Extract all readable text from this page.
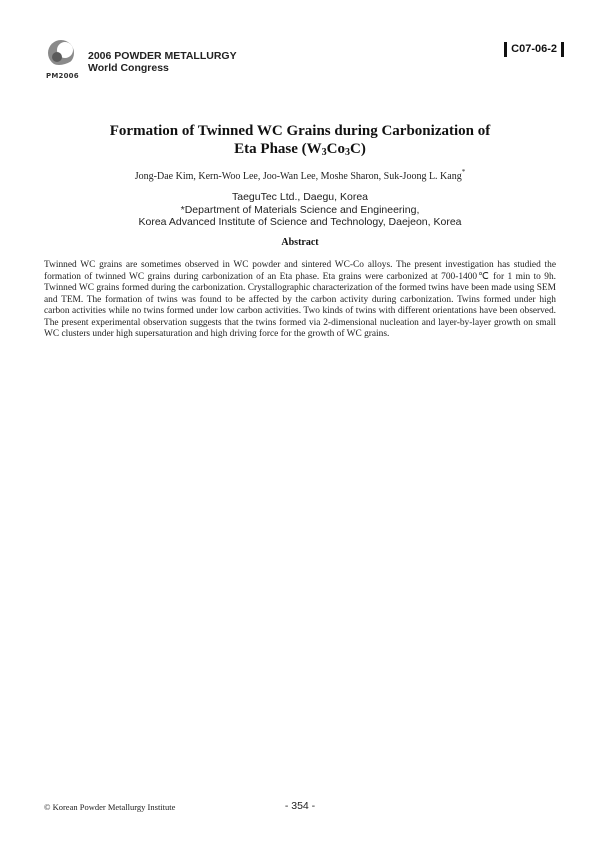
PM2006
2006 POWDER METALLURGY
World Congress
C07-06-2
Formation of Twinned WC Grains during Carbonization of
Eta Phase $(W_3Co_3C)$
Jong-Dae Kim, Kern-Woo Lee, Joo-Wan Lee, Moshe Sharon, Suk-Joong L. Kang*
TaeguTec Ltd., Daegu, Korea
*Department of Materials Science and Engineering,
Korea Advanced Institute of Science and Technology, Daejeon, Korea
Abstract

Twinned WC grains are sometimes observed in WC powder and sintered WC-Co alloys. The present investigation has studied the formation of twinned WC grains during carbonization of an Eta phase. Eta grains were carbonized at 700-1400℃ for 1 min to 9h. Twinned WC grains formed during the carbonization. Crystallographic characterization of the formed twins have been made using SEM and TEM. The formation of twins was found to be affected by the carbon activity during carbonization. Twins formed under high carbon activities while no twins formed under low carbon activities. Two kinds of twins with different orientations have been observed. The present experimental observation suggests that the twins formed via 2-dimensional nucleation and layer-by-layer growth on small WC clusters under high supersaturation and high driving force for the growth of WC grains.

© Korean Powder Metallurgy Institute	- 354 -
